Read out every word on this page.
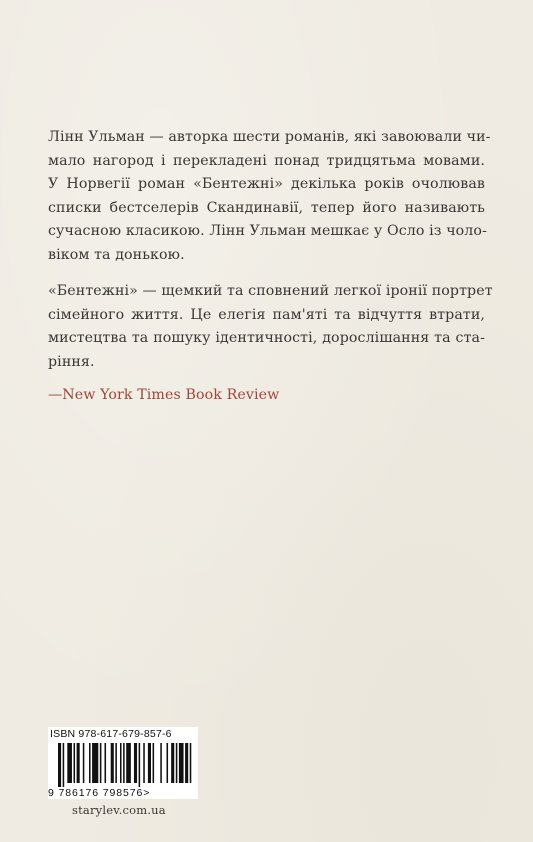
Лінн Ульман — авторка шести романів, які завоювали чи-
мало нагород і перекладені понад тридцятьма мовами.
У Норвегії роман «Бентежні» декілька років очолював
списки бестселерів Скандинавії, тепер його називають
сучасною класикою. Лінн Ульман мешкає у Осло із чоло-
віком та донькою.

«Бентежні» — щемкий та сповнений легкої іронії портрет
сімейного життя. Це елегія пам'яті та відчуття втрати,
мистецтва та пошуку ідентичності, дорослішання та ста-
ріння.

—New York Times Book Review
ISBN 978-617-679-857-6
9 786176 798576>
starylev.com.ua
